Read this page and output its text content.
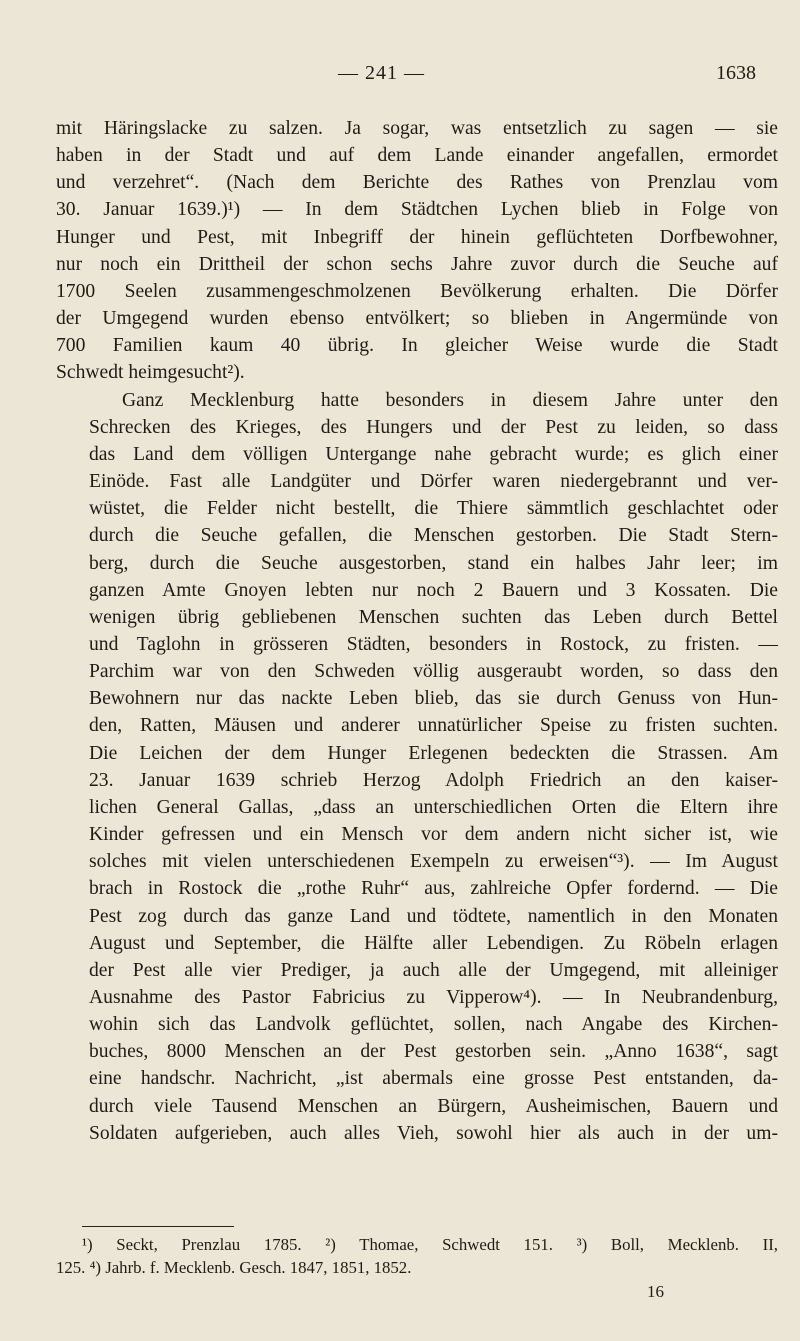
— 241 —	1638

mit Häringslacke zu salzen. Ja sogar, was entsetzlich zu sagen — sie
haben in der Stadt und auf dem Lande einander angefallen, ermordet
und verzehret“. (Nach dem Berichte des Rathes von Prenzlau vom
30. Januar 1639.)¹) — In dem Städtchen Lychen blieb in Folge von
Hunger und Pest, mit Inbegriff der hinein geflüchteten Dorfbewohner,
nur noch ein Drittheil der schon sechs Jahre zuvor durch die Seuche auf
1700 Seelen zusammengeschmolzenen Bevölkerung erhalten. Die Dörfer
der Umgegend wurden ebenso entvölkert; so blieben in Angermünde von
700 Familien kaum 40 übrig. In gleicher Weise wurde die Stadt
Schwedt heimgesucht²).

Ganz Mecklenburg hatte besonders in diesem Jahre unter den
Schrecken des Krieges, des Hungers und der Pest zu leiden, so dass
das Land dem völligen Untergange nahe gebracht wurde; es glich einer
Einöde. Fast alle Landgüter und Dörfer waren niedergebrannt und ver-
wüstet, die Felder nicht bestellt, die Thiere sämmtlich geschlachtet oder
durch die Seuche gefallen, die Menschen gestorben. Die Stadt Stern-
berg, durch die Seuche ausgestorben, stand ein halbes Jahr leer; im
ganzen Amte Gnoyen lebten nur noch 2 Bauern und 3 Kossaten. Die
wenigen übrig gebliebenen Menschen suchten das Leben durch Bettel
und Taglohn in grösseren Städten, besonders in Rostock, zu fristen. —
Parchim war von den Schweden völlig ausgeraubt worden, so dass den
Bewohnern nur das nackte Leben blieb, das sie durch Genuss von Hun-
den, Ratten, Mäusen und anderer unnatürlicher Speise zu fristen suchten.
Die Leichen der dem Hunger Erlegenen bedeckten die Strassen. Am
23. Januar 1639 schrieb Herzog Adolph Friedrich an den kaiser-
lichen General Gallas, „dass an unterschiedlichen Orten die Eltern ihre
Kinder gefressen und ein Mensch vor dem andern nicht sicher ist, wie
solches mit vielen unterschiedenen Exempeln zu erweisen“³). — Im August
brach in Rostock die „rothe Ruhr“ aus, zahlreiche Opfer fordernd. — Die
Pest zog durch das ganze Land und tödtete, namentlich in den Monaten
August und September, die Hälfte aller Lebendigen. Zu Röbeln erlagen
der Pest alle vier Prediger, ja auch alle der Umgegend, mit alleiniger
Ausnahme des Pastor Fabricius zu Vipperow⁴). — In Neubrandenburg,
wohin sich das Landvolk geflüchtet, sollen, nach Angabe des Kirchen-
buches, 8000 Menschen an der Pest gestorben sein. „Anno 1638“, sagt
eine handschr. Nachricht, „ist abermals eine grosse Pest entstanden, da-
durch viele Tausend Menschen an Bürgern, Ausheimischen, Bauern und
Soldaten aufgerieben, auch alles Vieh, sowohl hier als auch in der um-

¹) Seckt, Prenzlau 1785. ²) Thomae, Schwedt 151. ³) Boll, Mecklenb. II,
125. ⁴) Jahrb. f. Mecklenb. Gesch. 1847, 1851, 1852.
16
